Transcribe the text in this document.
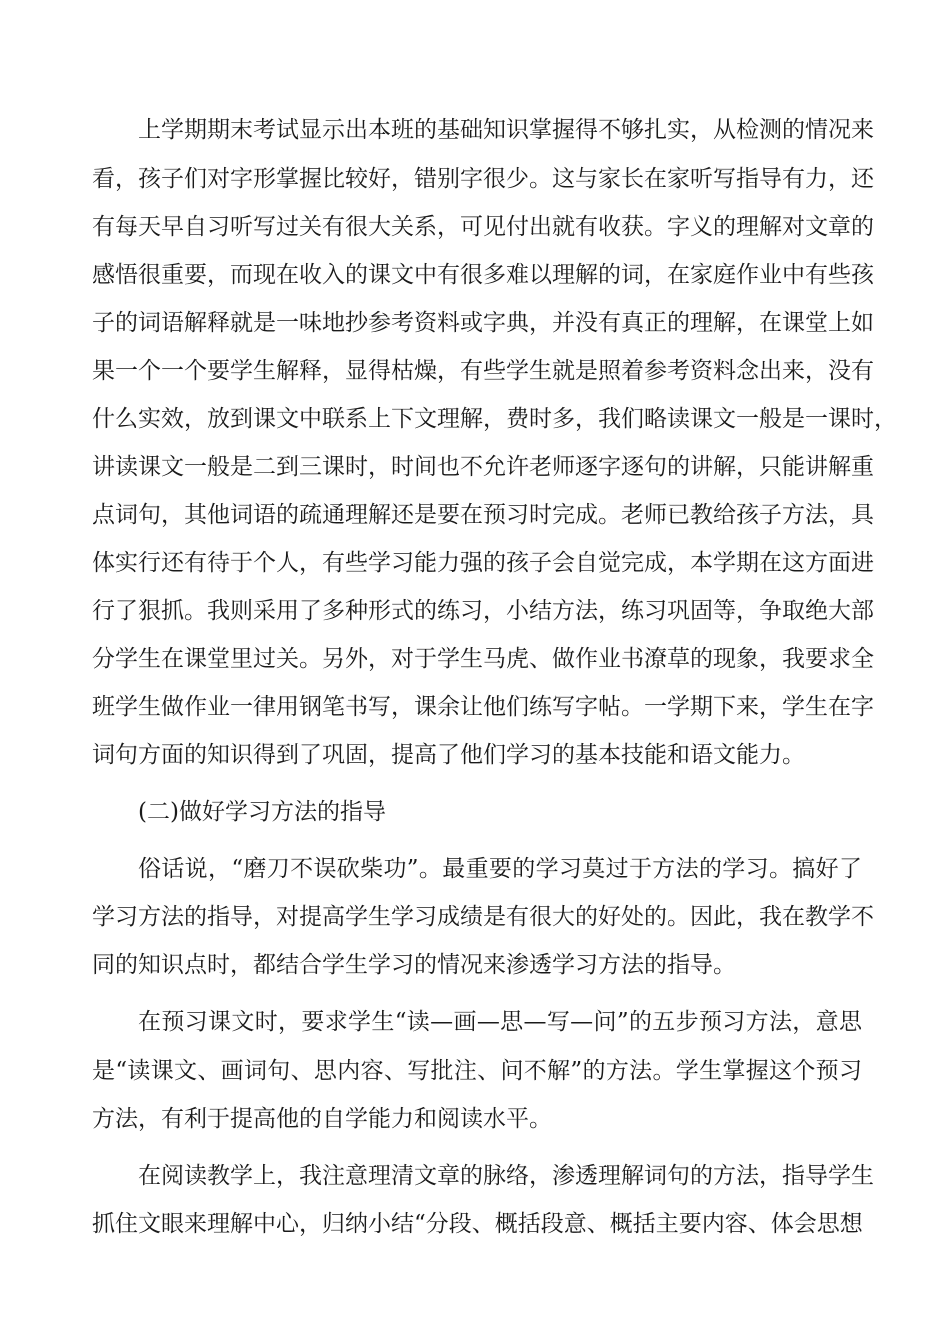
上学期期末考试显示出本班的基础知识掌握得不够扎实，从检测的情况来
看，孩子们对字形掌握比较好，错别字很少。这与家长在家听写指导有力，还
有每天早自习听写过关有很大关系，可见付出就有收获。字义的理解对文章的
感悟很重要，而现在收入的课文中有很多难以理解的词，在家庭作业中有些孩
子的词语解释就是一味地抄参考资料或字典，并没有真正的理解，在课堂上如
果一个一个要学生解释，显得枯燥，有些学生就是照着参考资料念出来，没有
什么实效，放到课文中联系上下文理解，费时多，我们略读课文一般是一课时，
讲读课文一般是二到三课时，时间也不允许老师逐字逐句的讲解，只能讲解重
点词句，其他词语的疏通理解还是要在预习时完成。老师已教给孩子方法，具
体实行还有待于个人，有些学习能力强的孩子会自觉完成，本学期在这方面进
行了狠抓。我则采用了多种形式的练习，小结方法，练习巩固等，争取绝大部
分学生在课堂里过关。另外，对于学生马虎、做作业书潦草的现象，我要求全
班学生做作业一律用钢笔书写，课余让他们练写字帖。一学期下来，学生在字
词句方面的知识得到了巩固，提高了他们学习的基本技能和语文能力。
(二)做好学习方法的指导
俗话说，“磨刀不误砍柴功”。最重要的学习莫过于方法的学习。搞好了
学习方法的指导，对提高学生学习成绩是有很大的好处的。因此，我在教学不
同的知识点时，都结合学生学习的情况来渗透学习方法的指导。
在预习课文时，要求学生“读—画—思—写—问”的五步预习方法，意思
是“读课文、画词句、思内容、写批注、问不解”的方法。学生掌握这个预习
方法，有利于提高他的自学能力和阅读水平。
在阅读教学上，我注意理清文章的脉络，渗透理解词句的方法，指导学生
抓住文眼来理解中心，归纳小结“分段、概括段意、概括主要内容、体会思想
